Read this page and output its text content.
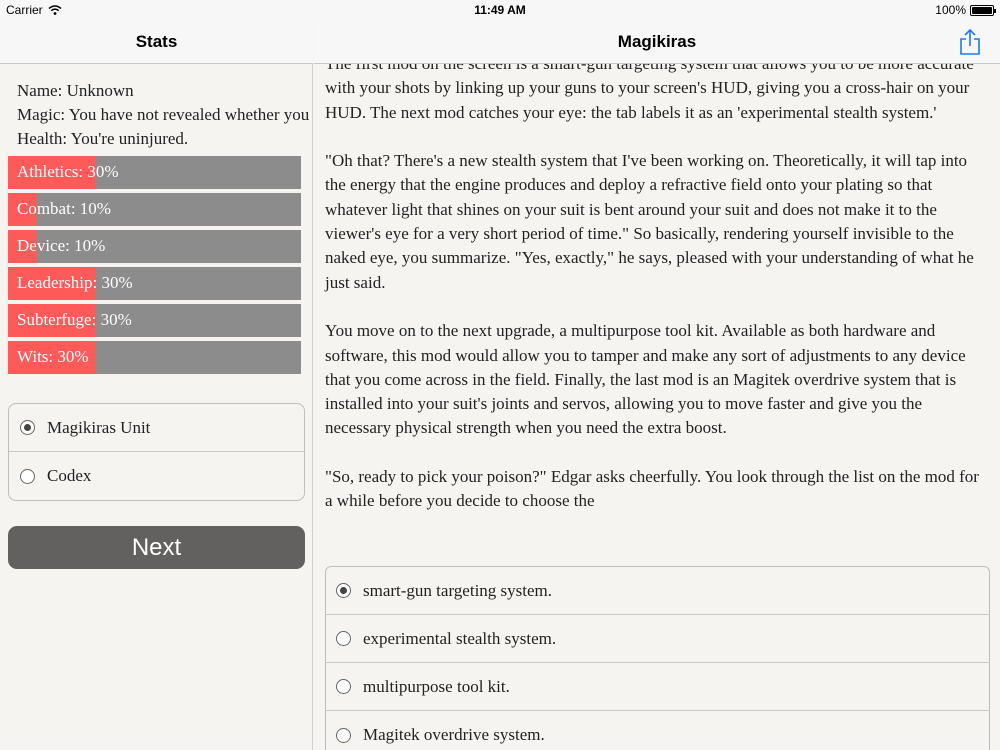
Stats
Name: Unknown
Magic: You have not revealed whether you
Health: You're uninjured.
Athletics: 30%
Combat: 10%
Device: 10%
Leadership: 30%
Subterfuge: 30%
Wits: 30%
Magikiras Unit
Codex
Next

with your shots by linking up your guns to your screen's HUD, giving you a cross-hair on your HUD. The next mod catches your eye: the tab labels it as an 'experimental stealth system.'

"Oh that? There's a new stealth system that I've been working on. Theoretically, it will tap into the energy that the engine produces and deploy a refractive field onto your plating so that whatever light that shines on your suit is bent around your suit and does not make it to the viewer's eye for a very short period of time." So basically, rendering yourself invisible to the naked eye, you summarize. "Yes, exactly," he says, pleased with your understanding of what he just said.

You move on to the next upgrade, a multipurpose tool kit. Available as both hardware and software, this mod would allow you to tamper and make any sort of adjustments to any device that you come across in the field. Finally, the last mod is an Magitek overdrive system that is installed into your suit's joints and servos, allowing you to move faster and give you the necessary physical strength when you need the extra boost.

"So, ready to pick your poison?" Edgar asks cheerfully. You look through the list on the mod for a while before you decide to choose the

smart-gun targeting system.
experimental stealth system.
multipurpose tool kit.
Magitek overdrive system.
Magikiras
Carrier	11:49 AM	100%
